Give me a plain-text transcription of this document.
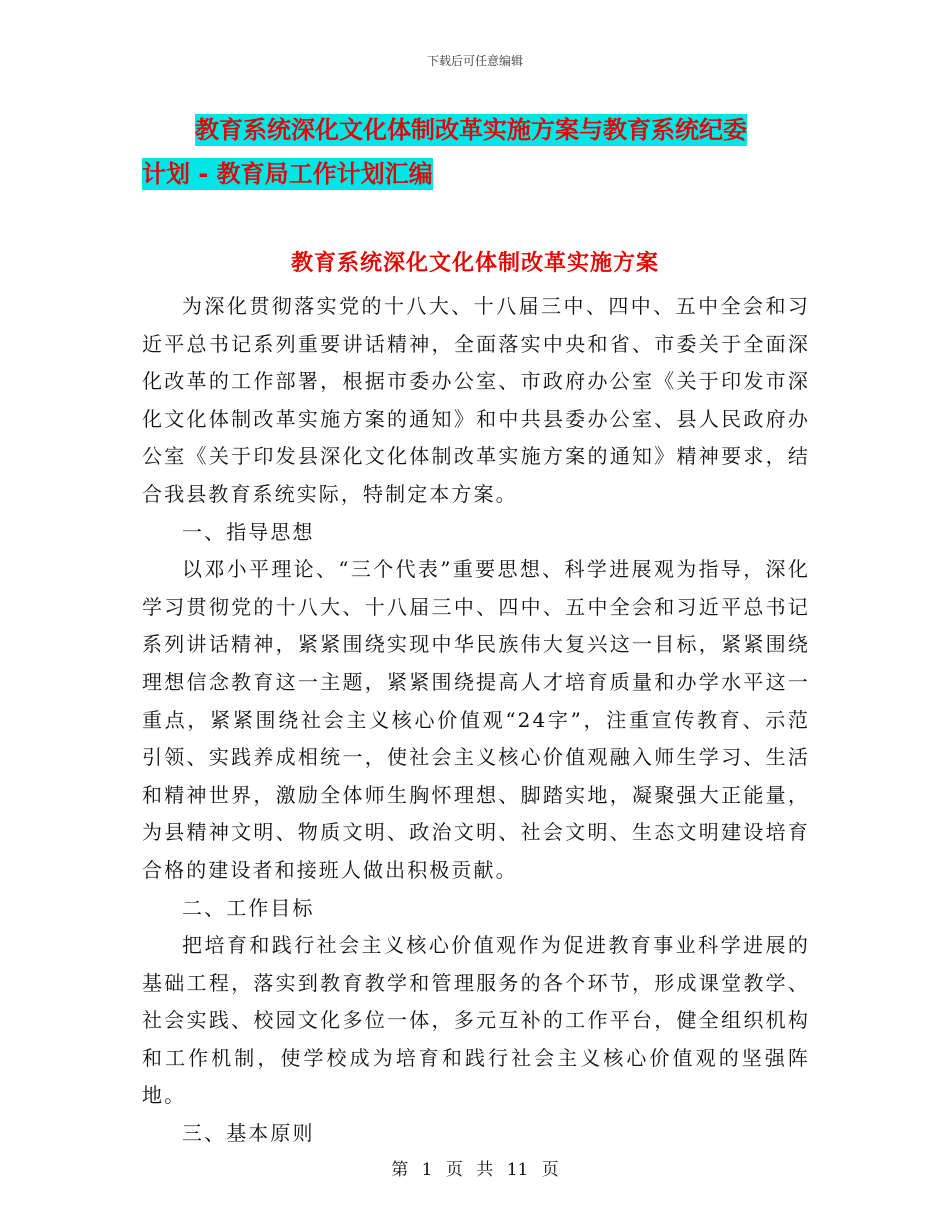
下载后可任意编辑
教育系统深化文化体制改革实施方案与教育系统纪委
计划 - 教育局工作计划汇编
教育系统深化文化体制改革实施方案

为深化贯彻落实党的十八大、十八届三中、四中、五中全会和习近平总书记系列重要讲话精神，全面落实中央和省、市委关于全面深化改革的工作部署，根据市委办公室、市政府办公室《关于印发市深化文化体制改革实施方案的通知》和中共县委办公室、县人民政府办公室《关于印发县深化文化体制改革实施方案的通知》精神要求，结合我县教育系统实际，特制定本方案。

一、指导思想

以邓小平理论、“三个代表”重要思想、科学进展观为指导，深化学习贯彻党的十八大、十八届三中、四中、五中全会和习近平总书记系列讲话精神，紧紧围绕实现中华民族伟大复兴这一目标，紧紧围绕理想信念教育这一主题，紧紧围绕提高人才培育质量和办学水平这一重点，紧紧围绕社会主义核心价值观“24字”，注重宣传教育、示范引领、实践养成相统一，使社会主义核心价值观融入师生学习、生活和精神世界，激励全体师生胸怀理想、脚踏实地，凝聚强大正能量，为县精神文明、物质文明、政治文明、社会文明、生态文明建设培育合格的建设者和接班人做出积极贡献。

二、工作目标

把培育和践行社会主义核心价值观作为促进教育事业科学进展的基础工程，落实到教育教学和管理服务的各个环节，形成课堂教学、社会实践、校园文化多位一体，多元互补的工作平台，健全组织机构和工作机制，使学校成为培育和践行社会主义核心价值观的坚强阵地。

三、基本原则

第 1 页 共 11 页
